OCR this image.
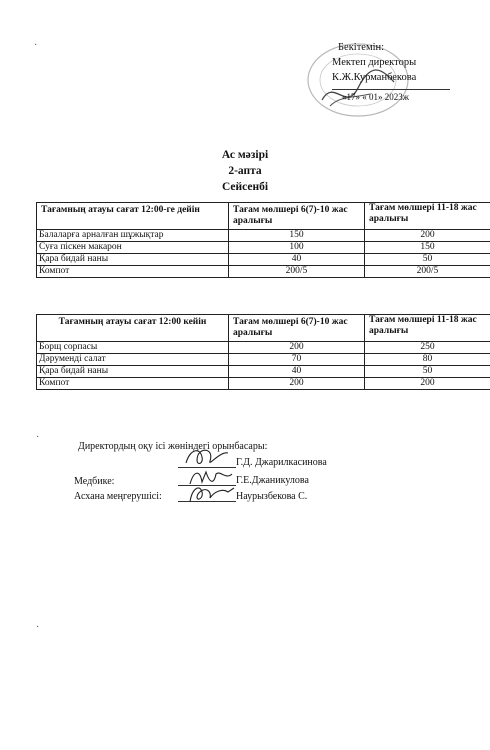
Бекітемін:
Мектеп директоры
К.Ж.Курманбекова
«17» « 01» 2023ж
Ас мәзірі
2-апта
Сейсенбі
Тағамның атауы сағат 12:00-ге дейін	Тағам мөлшері 6(7)-10 жас аралығы	Тағам мөлшері 11-18 жас аралығы
Балаларға арналған шұжықтар	150	200
Суға піскен макарон	100	150
Қара бидай наны	40	50
Компот	200/5	200/5
Тағамның атауы сағат 12:00 кейін	Тағам мөлшері 6(7)-10 жас аралығы	Тағам мөлшері 11-18 жас аралығы
Борщ сорпасы	200	250
Дәруменді салат	70	80
Қара бидай наны	40	50
Компот	200	200
Директордың оқу ісі жөніндегі орынбасары:
Г.Д. Джарилкасинова
Медбике:	Г.Е.Джаникулова
Асхана меңгерушісі:	Наурызбекова С.
·
·
·
